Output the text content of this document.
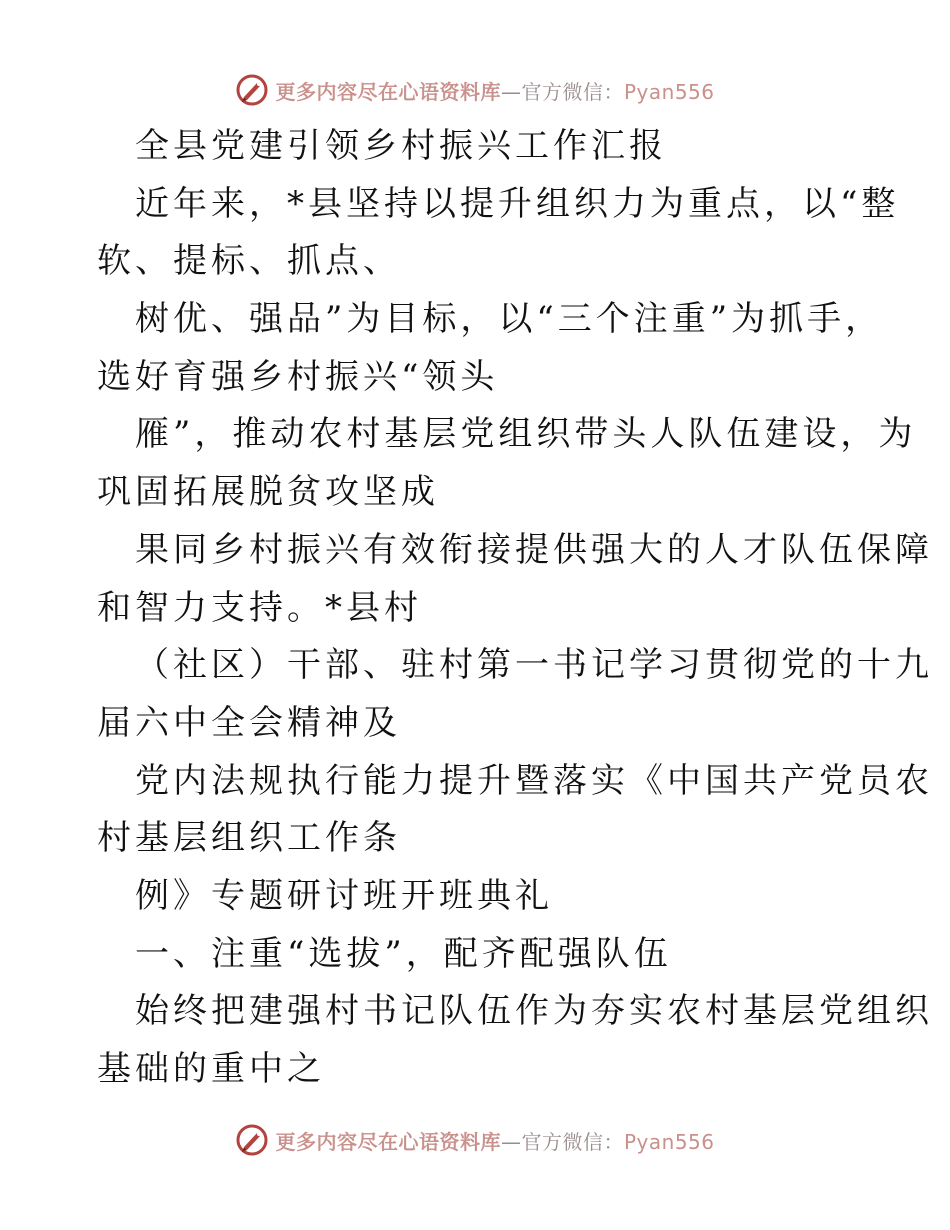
更多内容尽在心语资料库—官方微信：Pyan556
全县党建引领乡村振兴工作汇报
近年来，*县坚持以提升组织力为重点，以“整
软、提标、抓点、
树优、强品”为目标，以“三个注重”为抓手，
选好育强乡村振兴“领头
雁”，推动农村基层党组织带头人队伍建设，为
巩固拓展脱贫攻坚成
果同乡村振兴有效衔接提供强大的人才队伍保障
和智力支持。*县村
（社区）干部、驻村第一书记学习贯彻党的十九
届六中全会精神及
党内法规执行能力提升暨落实《中国共产党员农
村基层组织工作条
例》专题研讨班开班典礼
一、注重“选拔”，配齐配强队伍
始终把建强村书记队伍作为夯实农村基层党组织
基础的重中之
更多内容尽在心语资料库—官方微信：Pyan556
